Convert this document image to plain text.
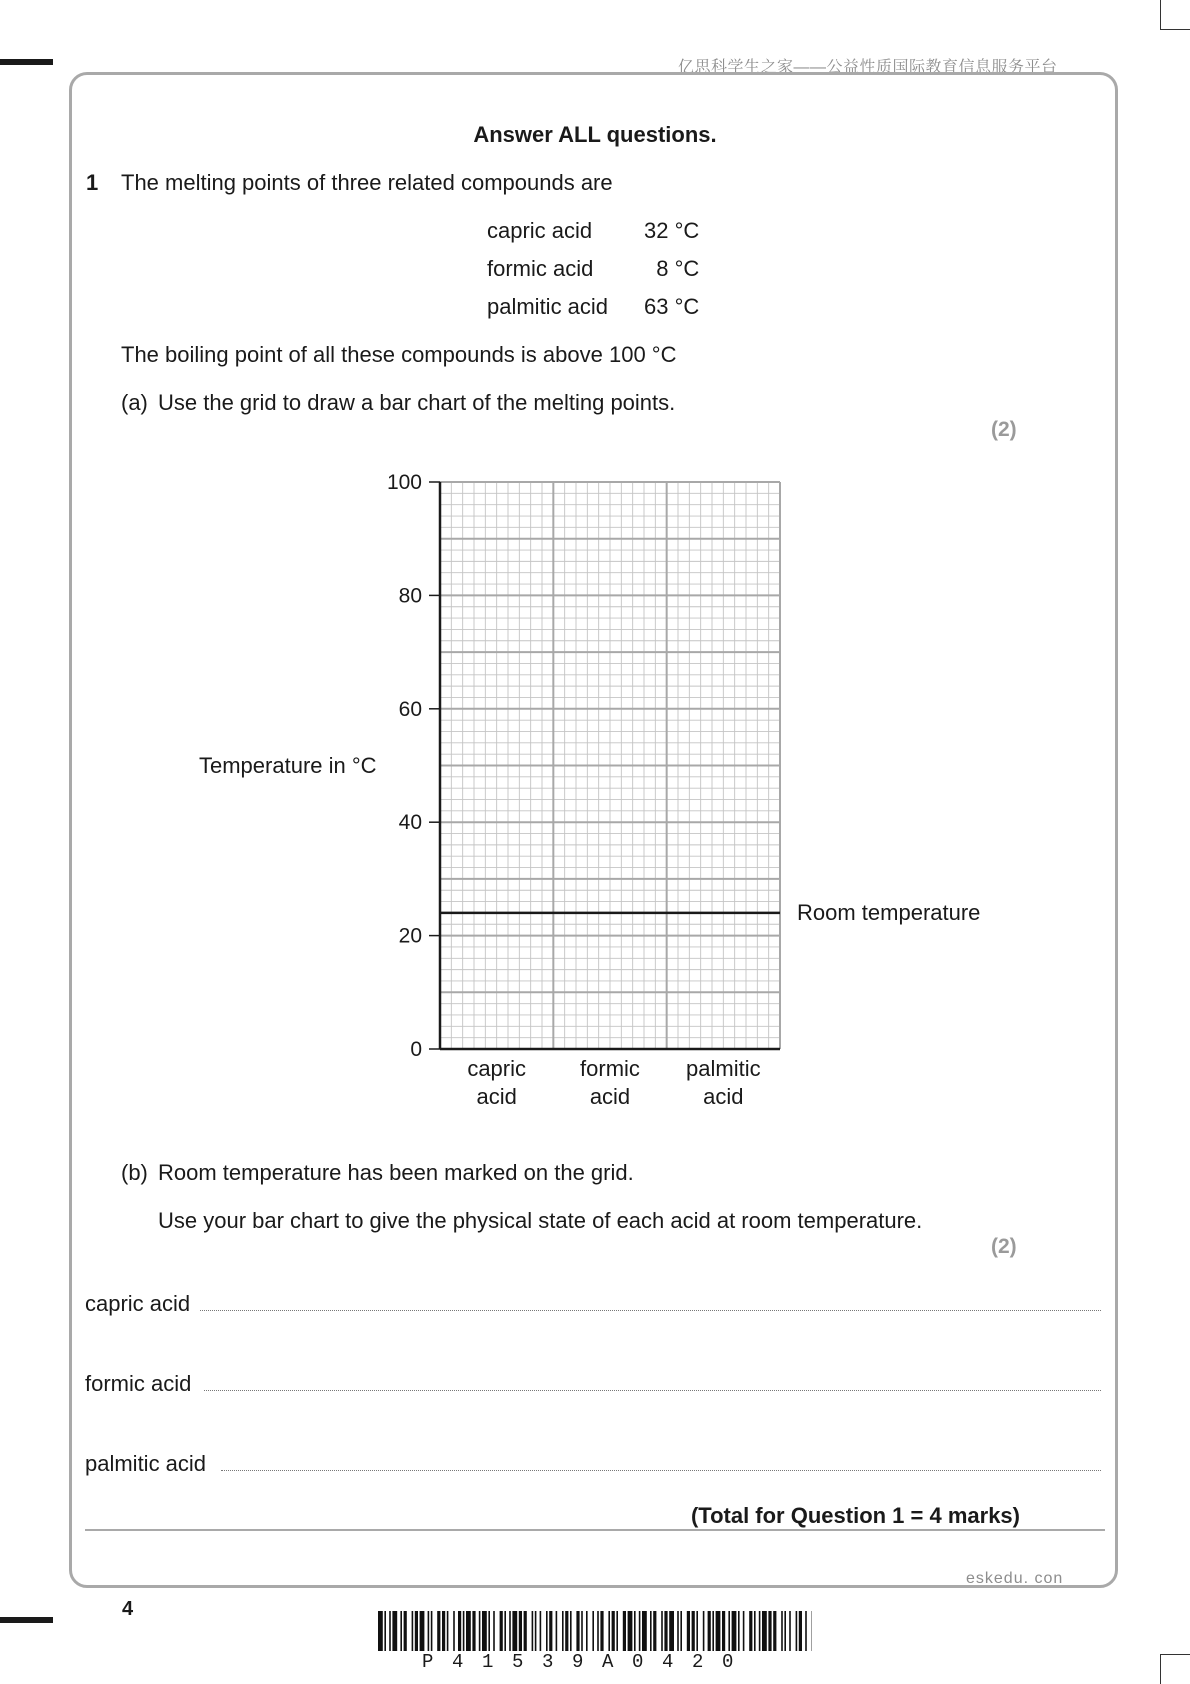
亿思科学生之家——公益性质国际教育信息服务平台
Answer ALL questions.
1 The melting points of three related compounds are
capric acid	32 °C
formic acid	8 °C
palmitic acid	63 °C
The boiling point of all these compounds is above 100 °C
(a) Use the grid to draw a bar chart of the melting points.
(2)
0
20
40
60
80
100
Room temperature
capric
acid
formic
acid
palmitic
acid
Temperature in °C
(b) Room temperature has been marked on the grid.
Use your bar chart to give the physical state of each acid at room temperature.
(2)
capric acid
formic acid
palmitic acid
(Total for Question 1 = 4 marks)
eskedu. con
4
P41539A0420
